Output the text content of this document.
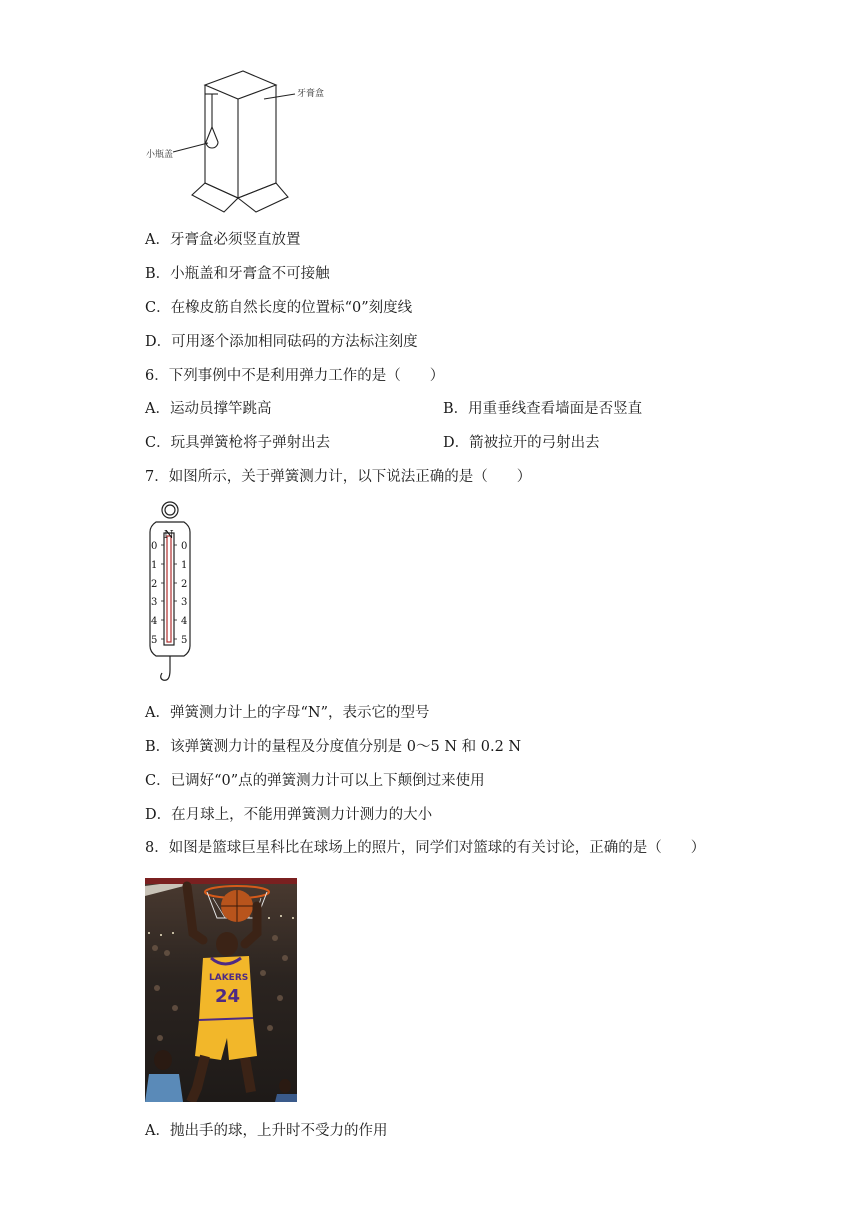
牙膏盒
小瓶盖
A．牙膏盒必须竖直放置
B．小瓶盖和牙膏盒不可接触
C．在橡皮筋自然长度的位置标“0”刻度线
D．可用逐个添加相同砝码的方法标注刻度
6．下列事例中不是利用弹力工作的是（　　）
A．运动员撑竿跳高	B．用重垂线查看墙面是否竖直
C．玩具弹簧枪将子弹射出去	D．箭被拉开的弓射出去
7．如图所示，关于弹簧测力计，以下说法正确的是（　　）
N
0
1
2
3
4
5
0
1
2
3
4
5
A．弹簧测力计上的字母“N”，表示它的型号
B．该弹簧测力计的量程及分度值分别是 0～5 N 和 0.2 N
C．已调好“0”点的弹簧测力计可以上下颠倒过来使用
D．在月球上，不能用弹簧测力计测力的大小
8．如图是篮球巨星科比在球场上的照片，同学们对篮球的有关讨论，正确的是（　　）
LAKERS
24
A．抛出手的球，上升时不受力的作用
